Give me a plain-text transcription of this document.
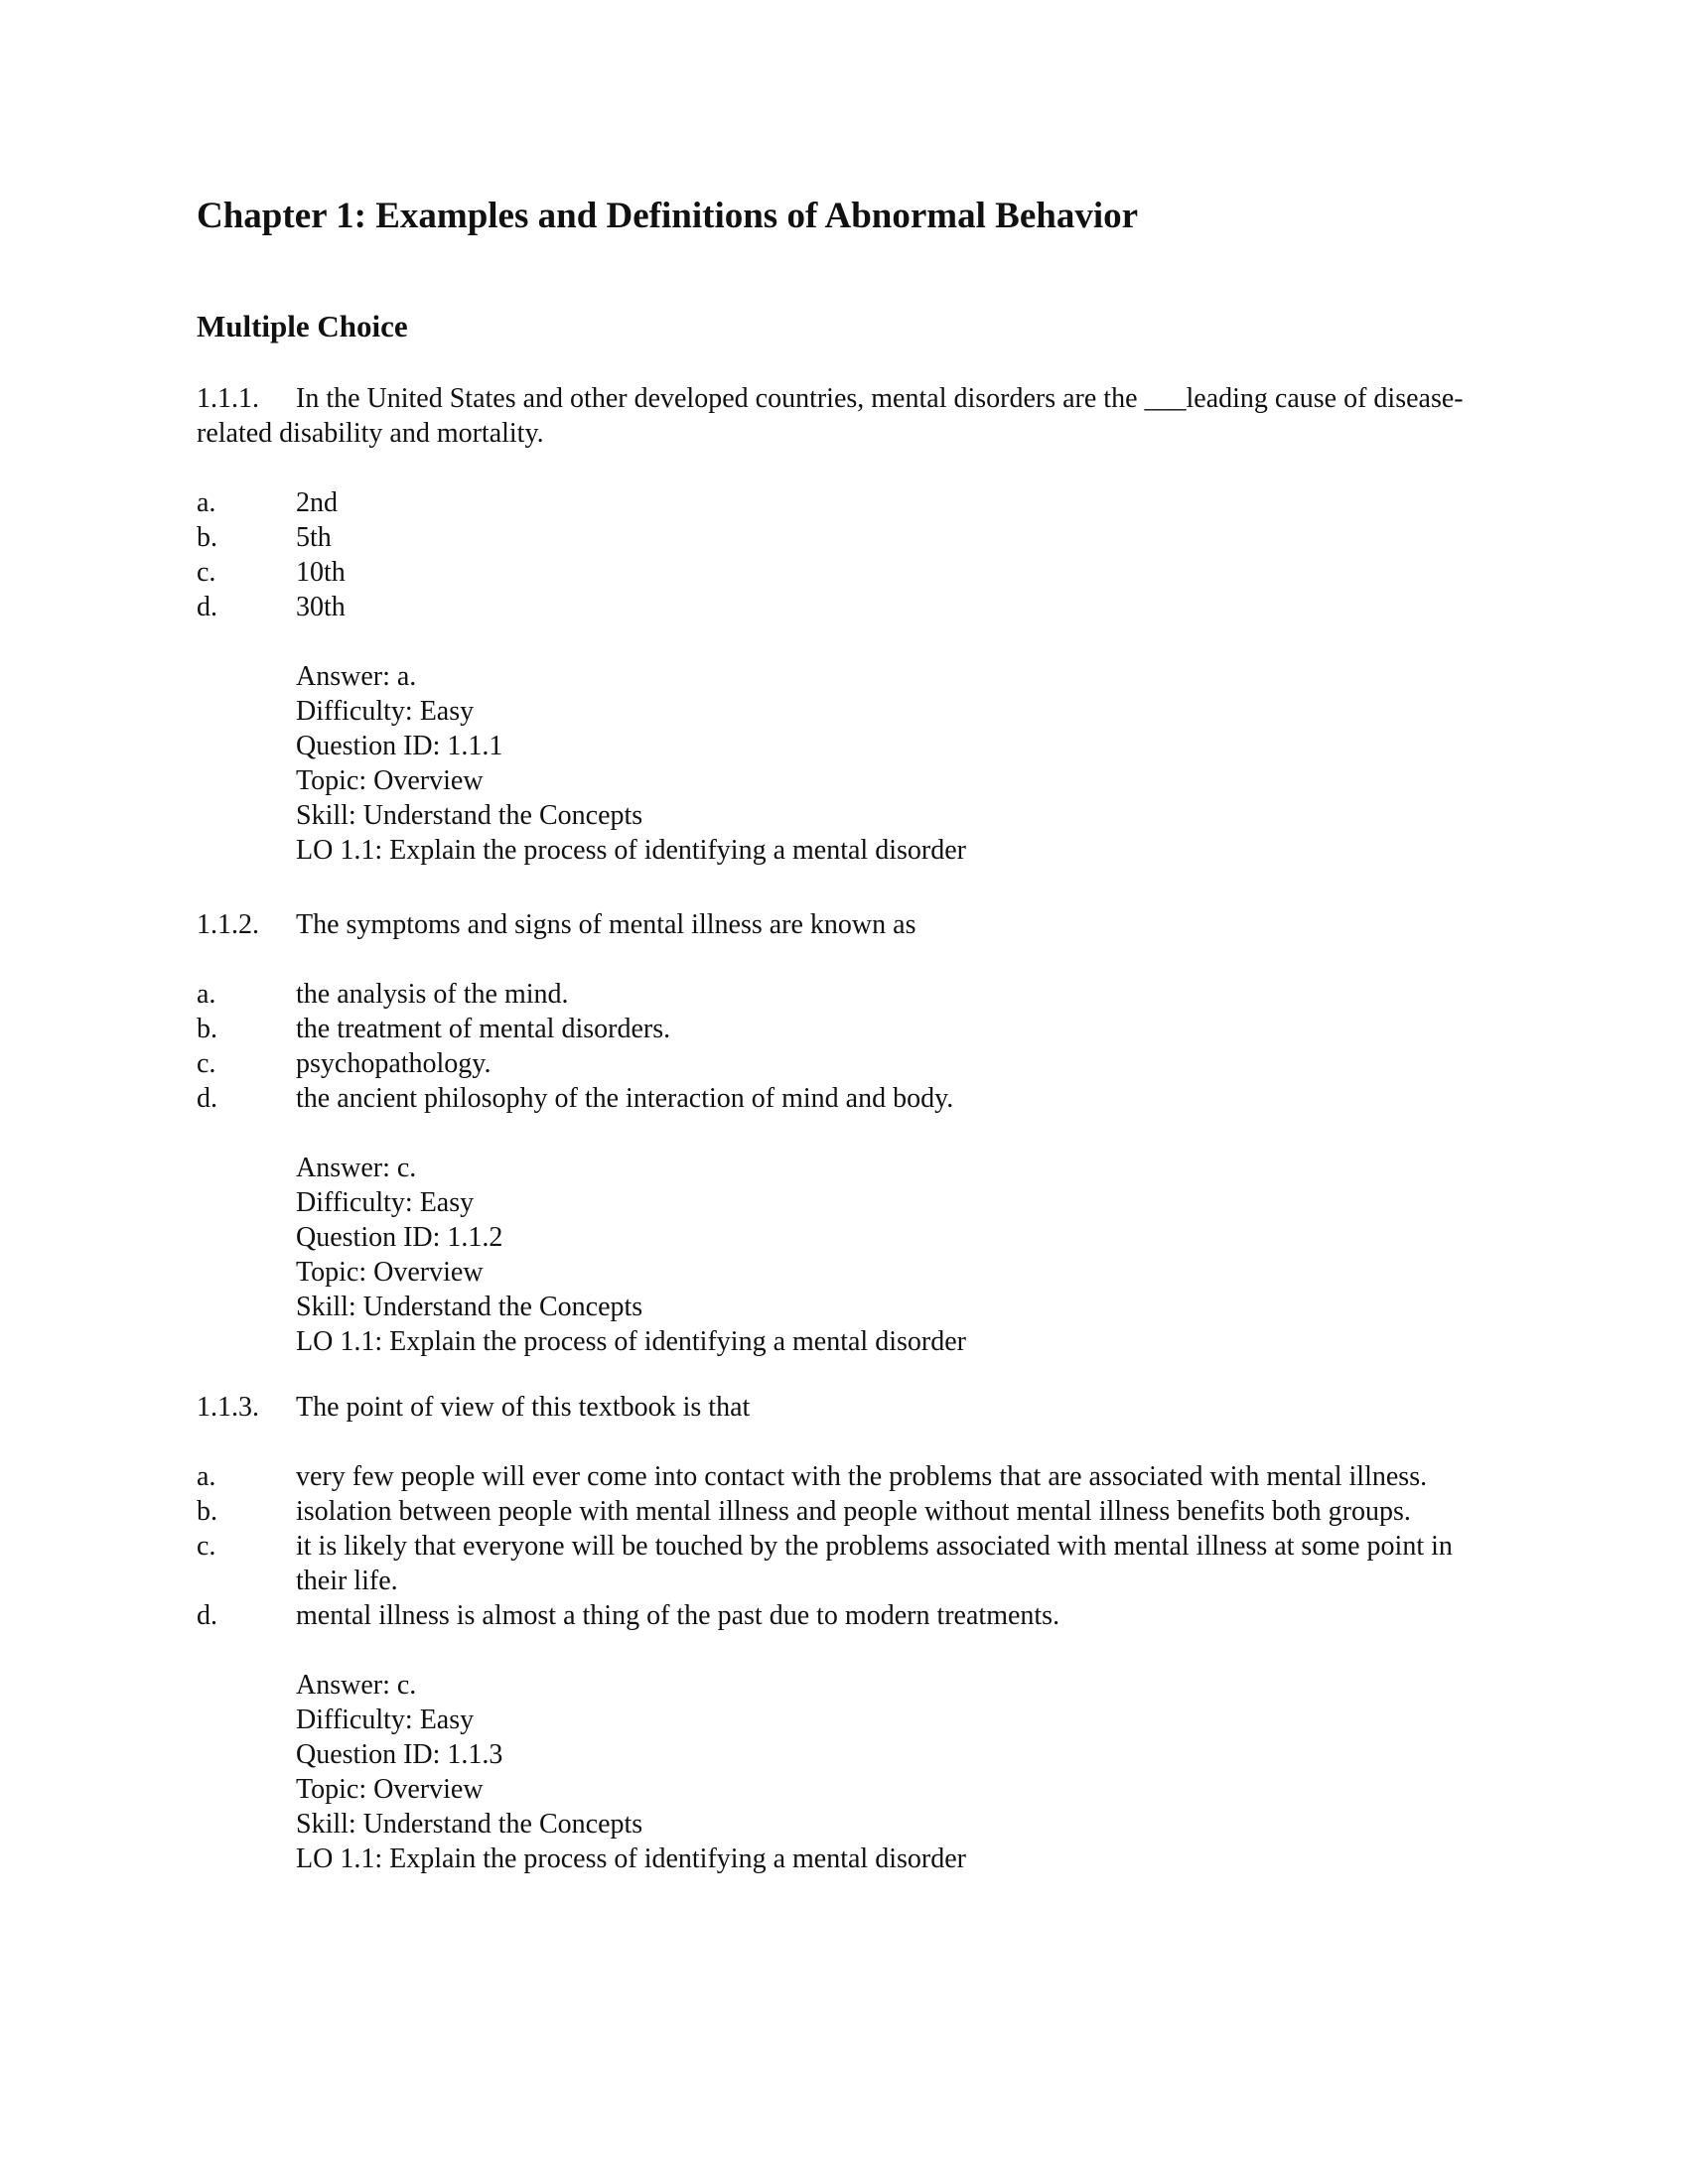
Chapter 1: Examples and Definitions of Abnormal Behavior
Multiple Choice

1.1.1. In the United States and other developed countries, mental disorders are the ___leading cause of disease-related disability and mortality.

a.	2nd
b.	5th
c.	10th
d.	30th
Answer: a.
Difficulty: Easy
Question ID: 1.1.1
Topic: Overview
Skill: Understand the Concepts
LO 1.1: Explain the process of identifying a mental disorder

1.1.2. The symptoms and signs of mental illness are known as

a.	the analysis of the mind.
b.	the treatment of mental disorders.
c.	psychopathology.
d.	the ancient philosophy of the interaction of mind and body.
Answer: c.
Difficulty: Easy
Question ID: 1.1.2
Topic: Overview
Skill: Understand the Concepts
LO 1.1: Explain the process of identifying a mental disorder

1.1.3. The point of view of this textbook is that

a.	very few people will ever come into contact with the problems that are associated with mental illness.
b.	isolation between people with mental illness and people without mental illness benefits both groups.
c.	it is likely that everyone will be touched by the problems associated with mental illness at some point in their life.
d.	mental illness is almost a thing of the past due to modern treatments.
Answer: c.
Difficulty: Easy
Question ID: 1.1.3
Topic: Overview
Skill: Understand the Concepts
LO 1.1: Explain the process of identifying a mental disorder
